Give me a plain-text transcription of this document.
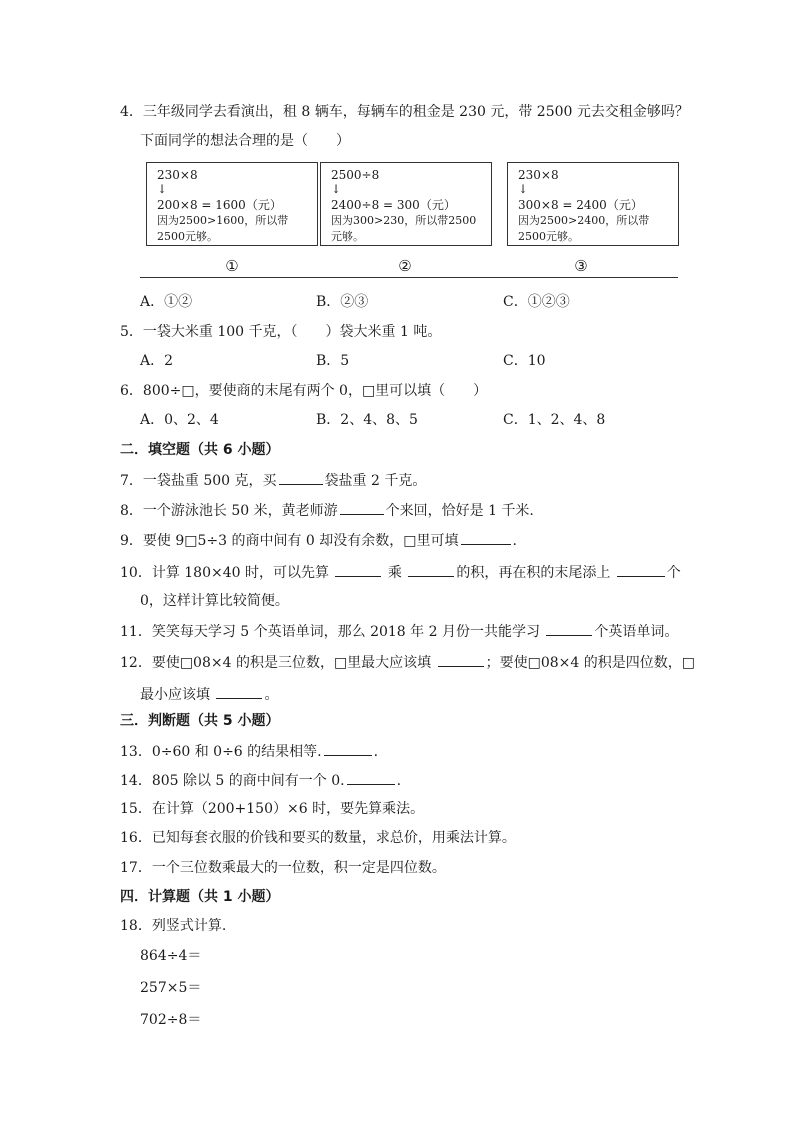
4．三年级同学去看演出，租 8 辆车，每辆车的租金是 230 元，带 2500 元去交租金够吗？
下面同学的想法合理的是（　　）
230×8
↓
200×8 = 1600（元）
因为2500>1600，所以带
2500元够。
2500÷8
↓
2400÷8 = 300（元）
因为300>230，所以带2500
元够。
230×8
↓
300×8 = 2400（元）
因为2500>2400，所以带
2500元够。
①	②	③
A．①②	B．②③	C．①②③
5．一袋大米重 100 千克，（　　）袋大米重 1 吨。
A．2	B．5	C．10
6．800÷□，要使商的末尾有两个 0，□里可以填（　　）
A．0、2、4	B．2、4、8、5	C．1、2、4、8
二．填空题（共 6 小题）
7．一袋盐重 500 克，买	袋盐重 2 千克。
8．一个游泳池长 50 米，黄老师游	个来回，恰好是 1 千米.
9．要使 9□5÷3 的商中间有 0 却没有余数，□里可填	.
10．计算 180×40 时，可以先算	乘	的积，再在积的末尾添上	个
0，这样计算比较简便。
11．笑笑每天学习 5 个英语单词，那么 2018 年 2 月份一共能学习	个英语单词。
12．要使□08×4 的积是三位数，□里最大应该填	；要使□08×4 的积是四位数，□
最小应该填	。
三．判断题（共 5 小题）
13．0÷60 和 0÷6 的结果相等.	.
14．805 除以 5 的商中间有一个 0.	.
15．在计算（200+150）×6 时，要先算乘法。
16．已知每套衣服的价钱和要买的数量，求总价，用乘法计算。
17．一个三位数乘最大的一位数，积一定是四位数。
四．计算题（共 1 小题）
18．列竖式计算.
864÷4＝
257×5＝
702÷8＝
